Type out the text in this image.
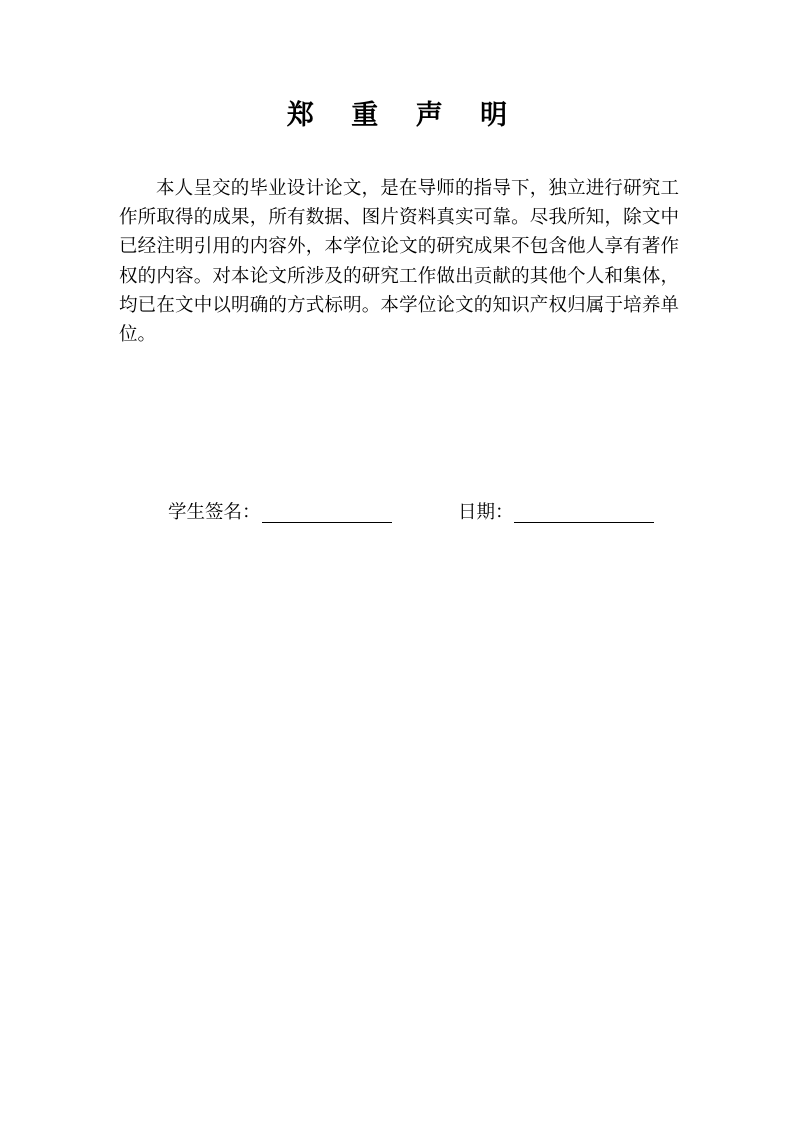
郑 重 声 明
本人呈交的毕业设计论文，是在导师的指导下，独立进行研究工作所取得的成果，所有数据、图片资料真实可靠。尽我所知，除文中已经注明引用的内容外，本学位论文的研究成果不包含他人享有著作权的内容。对本论文所涉及的研究工作做出贡献的其他个人和集体，均已在文中以明确的方式标明。本学位论文的知识产权归属于培养单位。
学生签名：	日期：
